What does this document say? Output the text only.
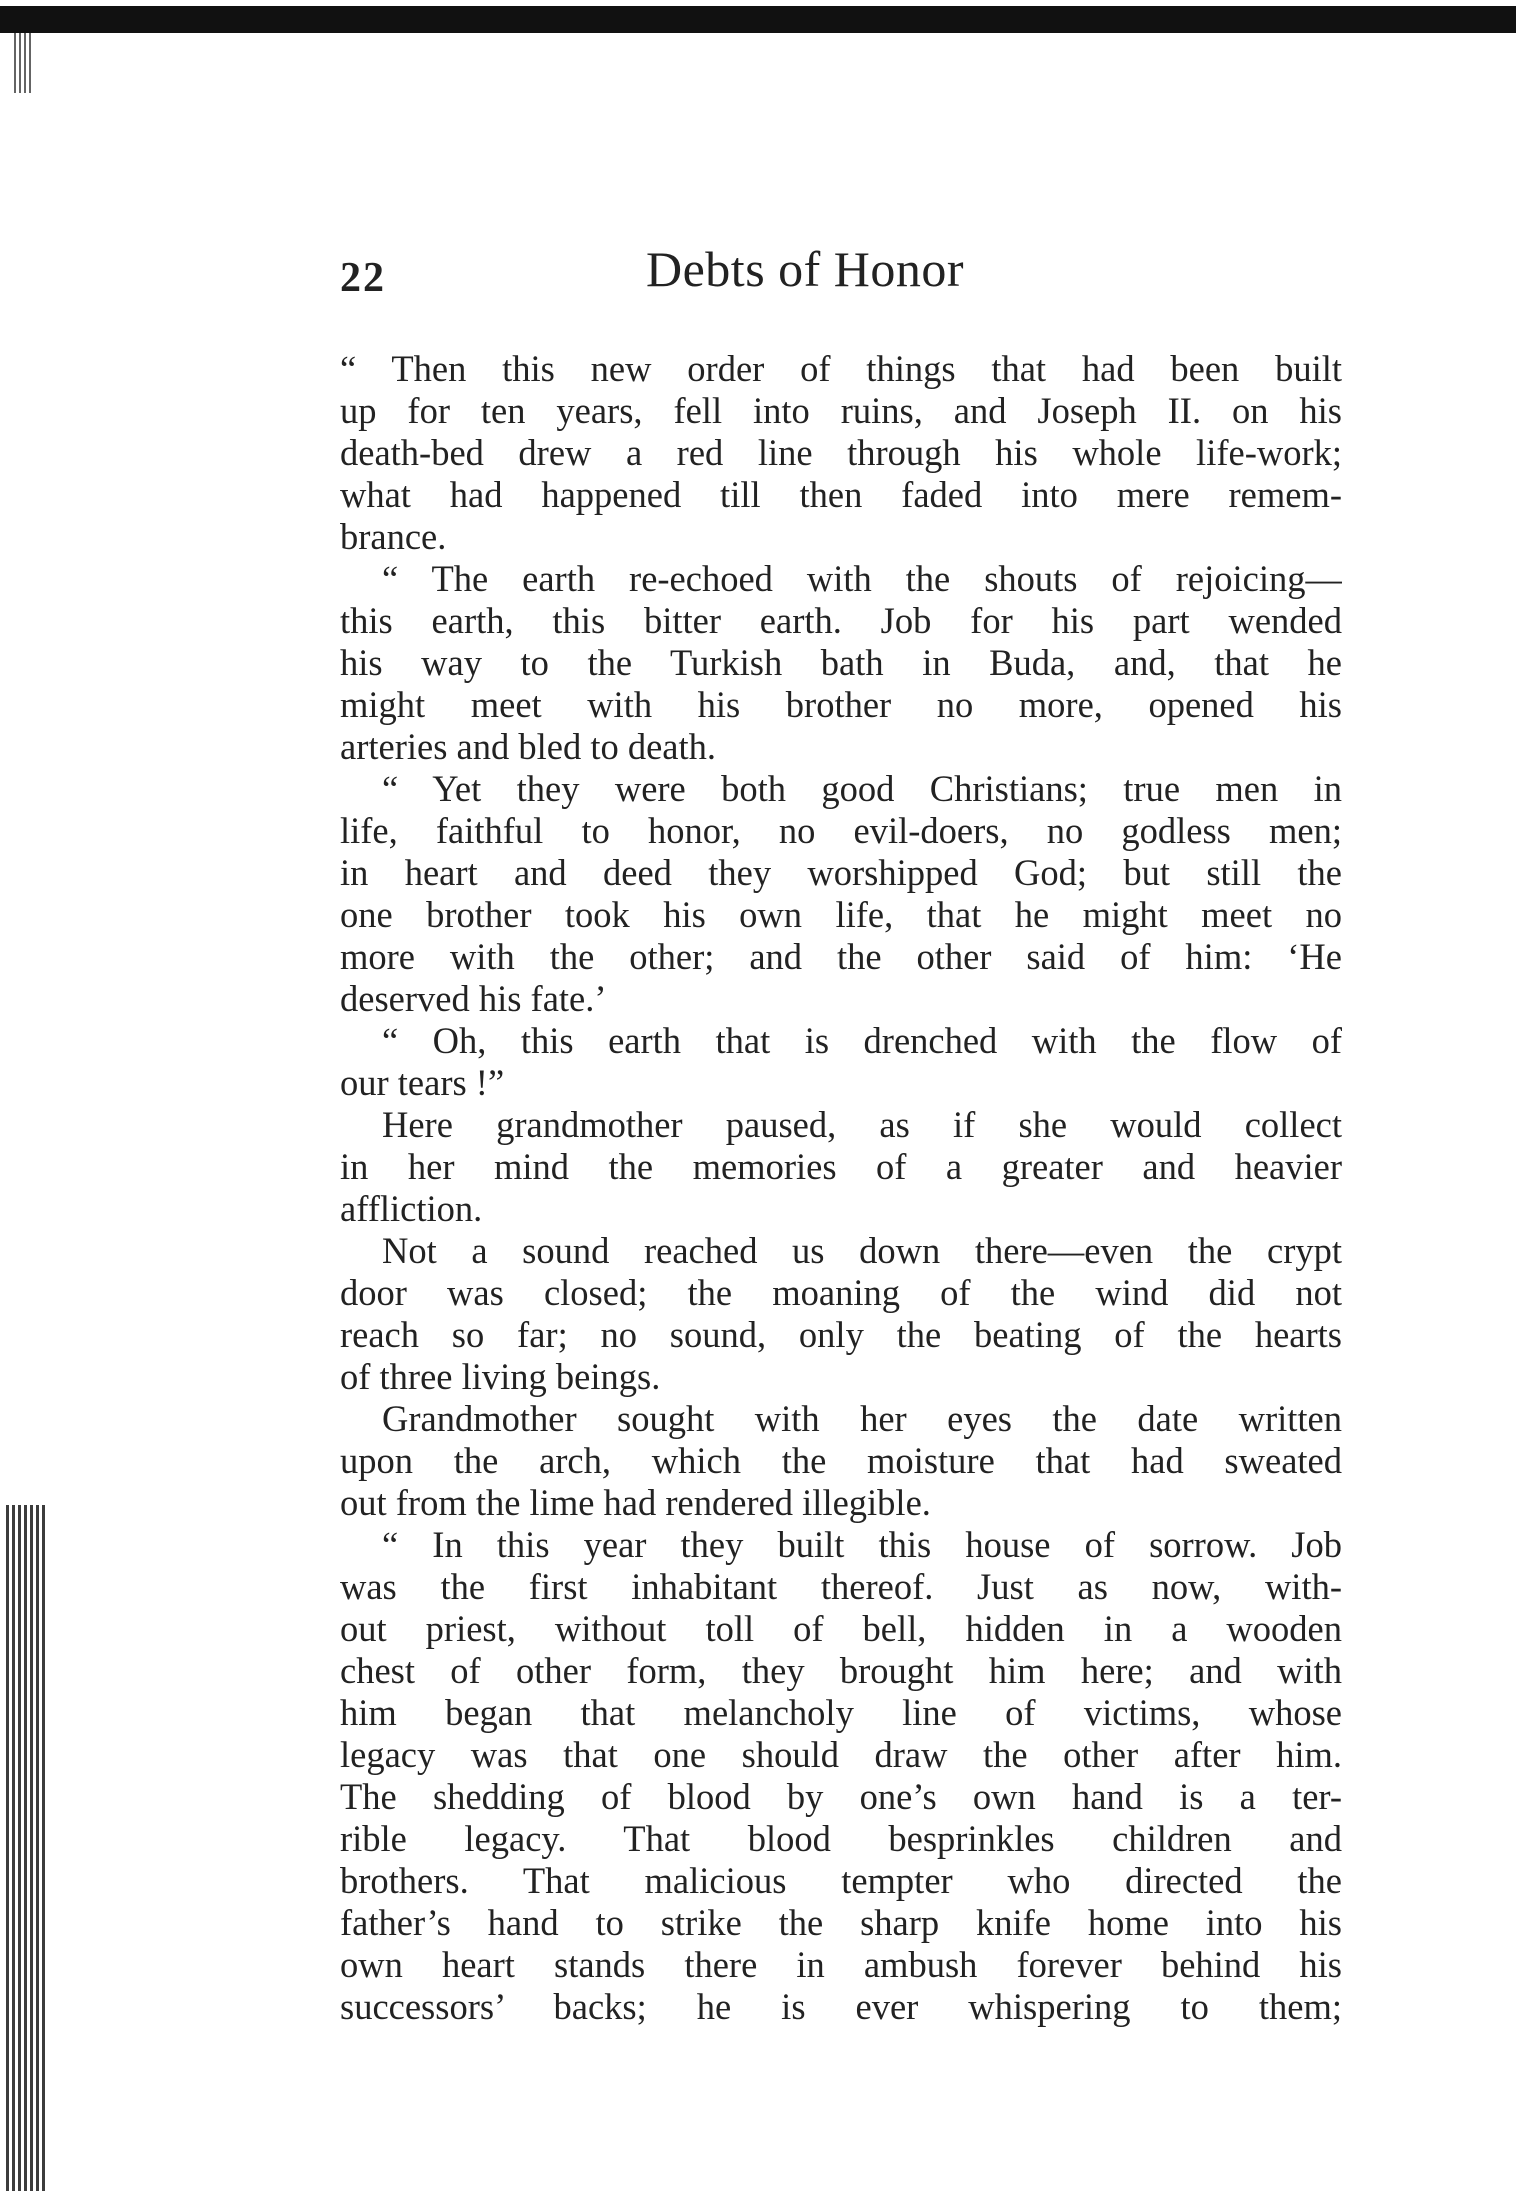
22	Debts of Honor
“ Then this new order of things that had been built
up for ten years, fell into ruins, and Joseph II. on his
death-bed drew a red line through his whole life-work;
what had happened till then faded into mere remem-
brance.
“ The earth re-echoed with the shouts of rejoicing—
this earth, this bitter earth. Job for his part wended
his way to the Turkish bath in Buda, and, that he
might meet with his brother no more, opened his
arteries and bled to death.
“ Yet they were both good Christians; true men in
life, faithful to honor, no evil-doers, no godless men;
in heart and deed they worshipped God; but still the
one brother took his own life, that he might meet no
more with the other; and the other said of him: ‘He
deserved his fate.’
“ Oh, this earth that is drenched with the flow of
our tears !”
Here grandmother paused, as if she would collect
in her mind the memories of a greater and heavier
affliction.
Not a sound reached us down there—even the crypt
door was closed; the moaning of the wind did not
reach so far; no sound, only the beating of the hearts
of three living beings.
Grandmother sought with her eyes the date written
upon the arch, which the moisture that had sweated
out from the lime had rendered illegible.
“ In this year they built this house of sorrow. Job
was the first inhabitant thereof. Just as now, with-
out priest, without toll of bell, hidden in a wooden
chest of other form, they brought him here; and with
him began that melancholy line of victims, whose
legacy was that one should draw the other after him.
The shedding of blood by one’s own hand is a ter-
rible legacy. That blood besprinkles children and
brothers. That malicious tempter who directed the
father’s hand to strike the sharp knife home into his
own heart stands there in ambush forever behind his
successors’ backs; he is ever whispering to them;
